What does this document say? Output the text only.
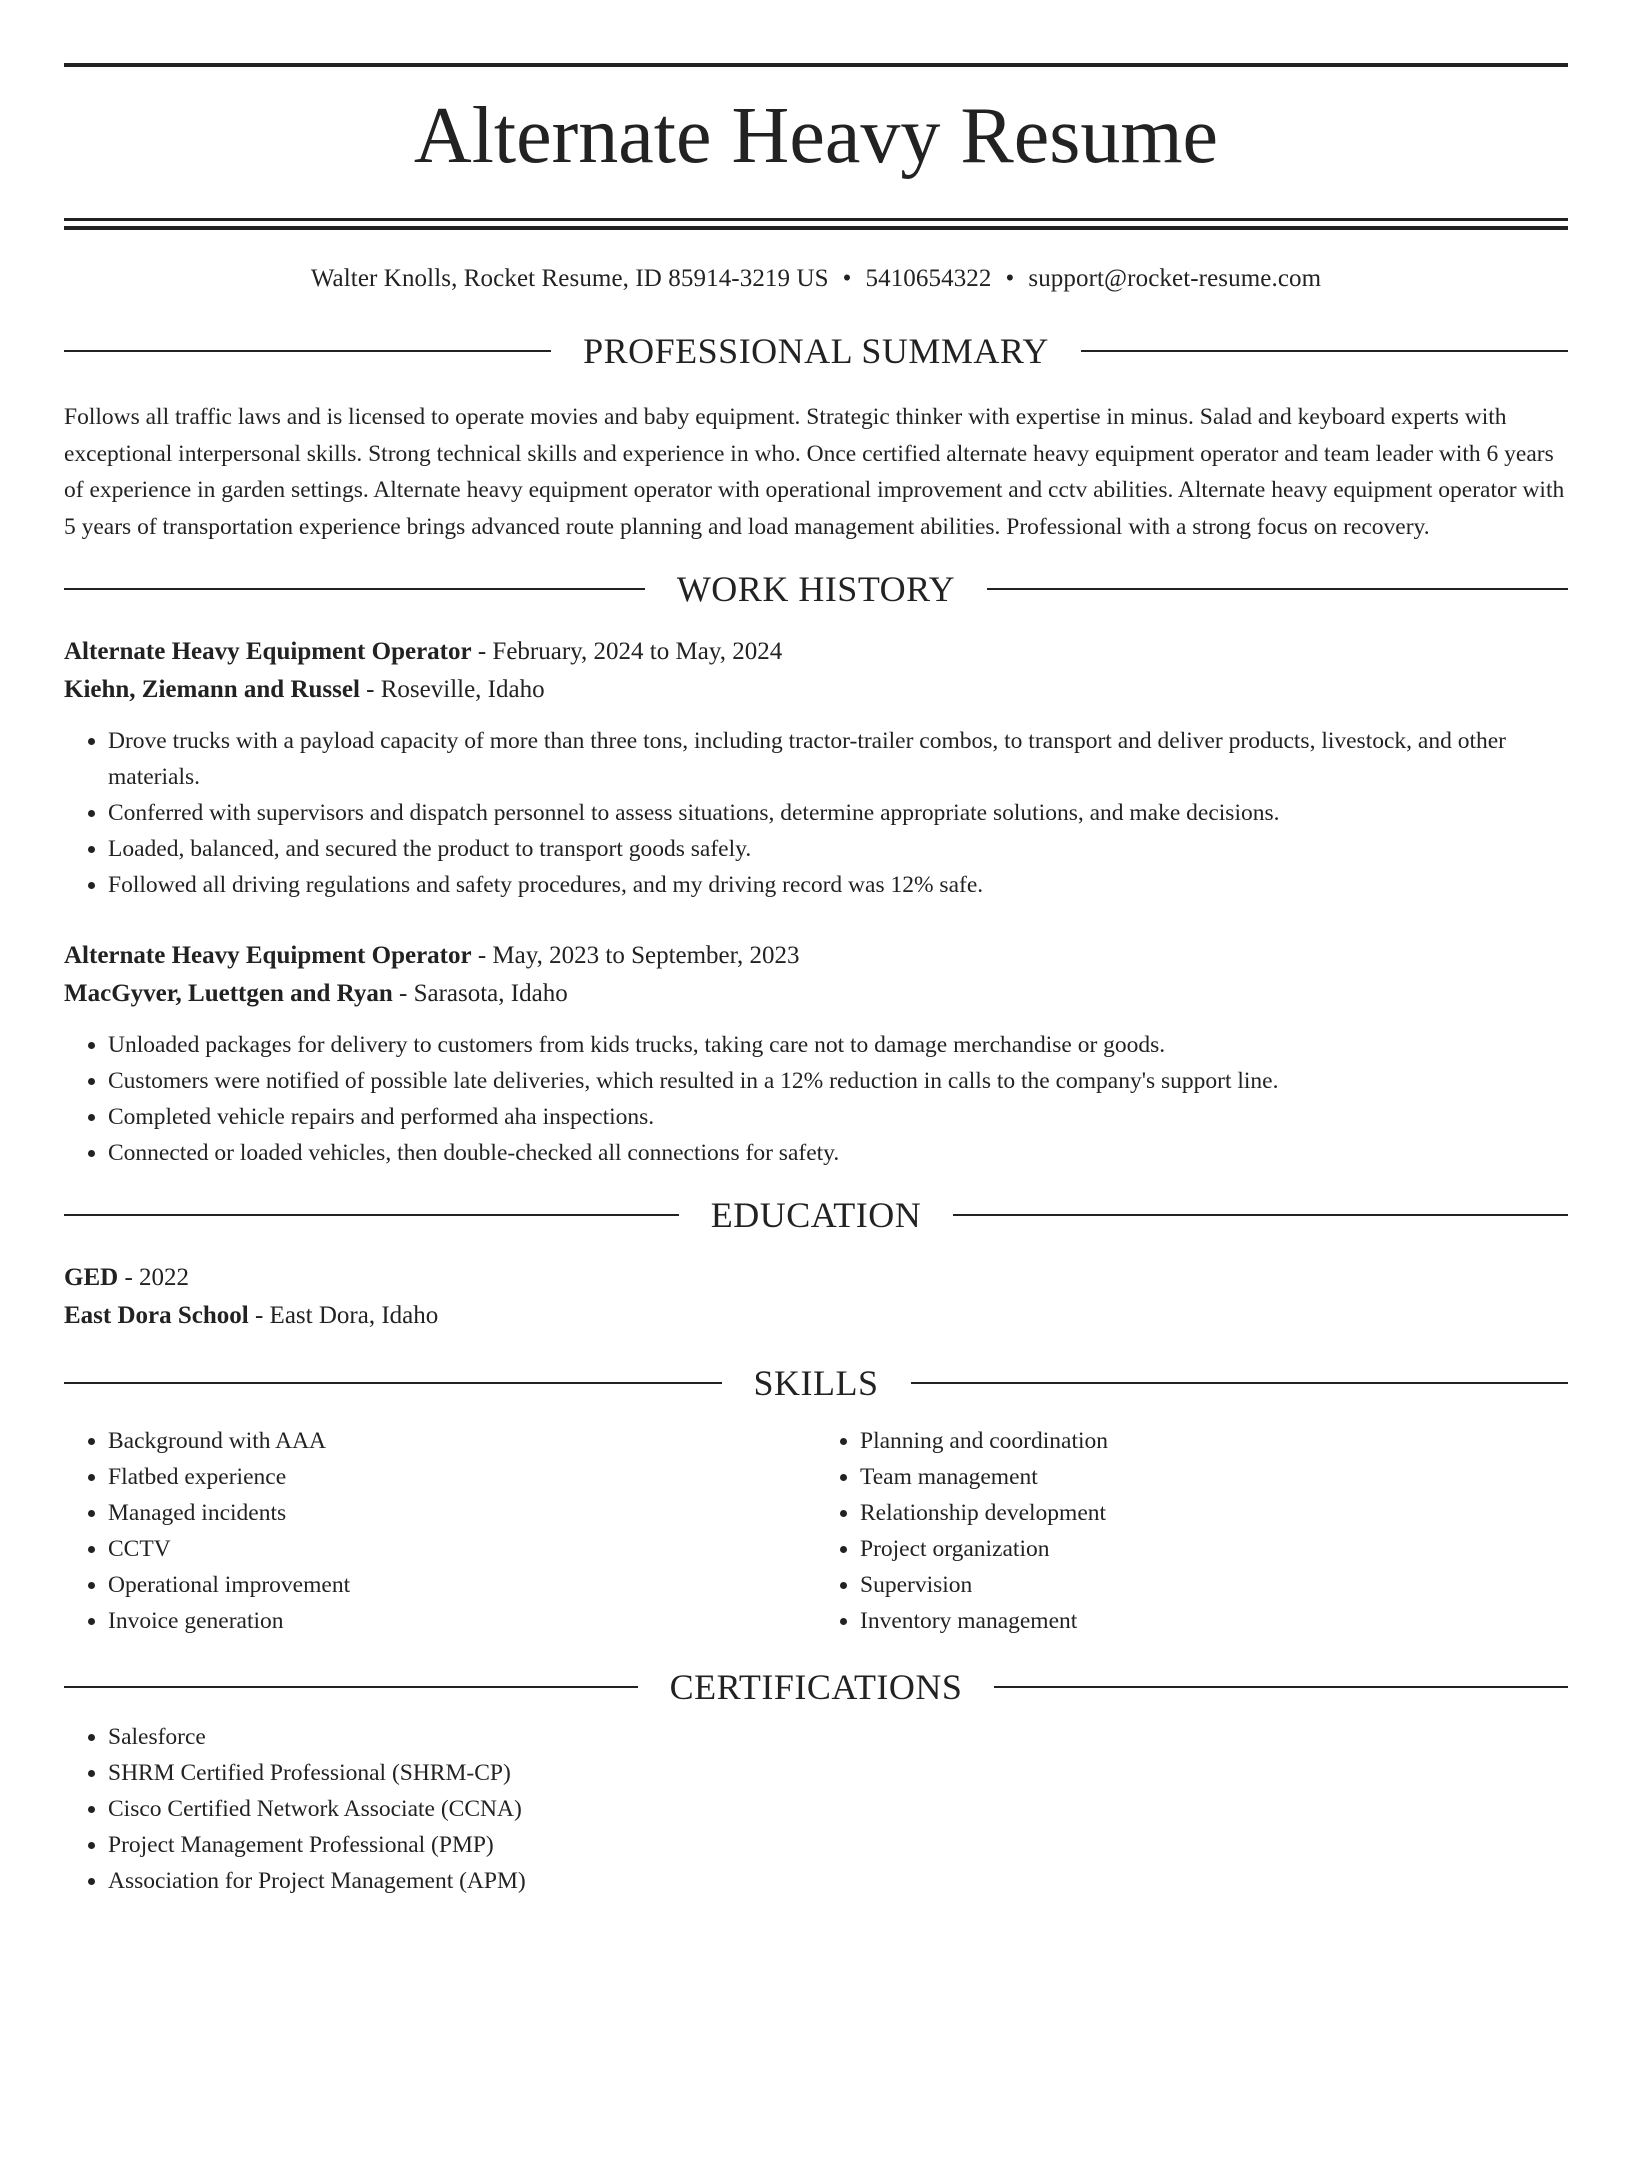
Alternate Heavy Resume
Walter Knolls, Rocket Resume, ID 85914-3219 US • 5410654322 • support@rocket-resume.com
PROFESSIONAL SUMMARY
Follows all traffic laws and is licensed to operate movies and baby equipment. Strategic thinker with expertise in minus. Salad and keyboard experts with exceptional interpersonal skills. Strong technical skills and experience in who. Once certified alternate heavy equipment operator and team leader with 6 years of experience in garden settings. Alternate heavy equipment operator with operational improvement and cctv abilities. Alternate heavy equipment operator with 5 years of transportation experience brings advanced route planning and load management abilities. Professional with a strong focus on recovery.
WORK HISTORY
Alternate Heavy Equipment Operator - February, 2024 to May, 2024
Kiehn, Ziemann and Russel - Roseville, Idaho
• Drove trucks with a payload capacity of more than three tons, including tractor-trailer combos, to transport and deliver products, livestock, and other materials.
• Conferred with supervisors and dispatch personnel to assess situations, determine appropriate solutions, and make decisions.
• Loaded, balanced, and secured the product to transport goods safely.
• Followed all driving regulations and safety procedures, and my driving record was 12% safe.
Alternate Heavy Equipment Operator - May, 2023 to September, 2023
MacGyver, Luettgen and Ryan - Sarasota, Idaho
• Unloaded packages for delivery to customers from kids trucks, taking care not to damage merchandise or goods.
• Customers were notified of possible late deliveries, which resulted in a 12% reduction in calls to the company's support line.
• Completed vehicle repairs and performed aha inspections.
• Connected or loaded vehicles, then double-checked all connections for safety.
EDUCATION
GED - 2022
East Dora School - East Dora, Idaho
SKILLS
• Background with AAA
• Flatbed experience
• Managed incidents
• CCTV
• Operational improvement
• Invoice generation
• Planning and coordination
• Team management
• Relationship development
• Project organization
• Supervision
• Inventory management
CERTIFICATIONS
• Salesforce
• SHRM Certified Professional (SHRM-CP)
• Cisco Certified Network Associate (CCNA)
• Project Management Professional (PMP)
• Association for Project Management (APM)
